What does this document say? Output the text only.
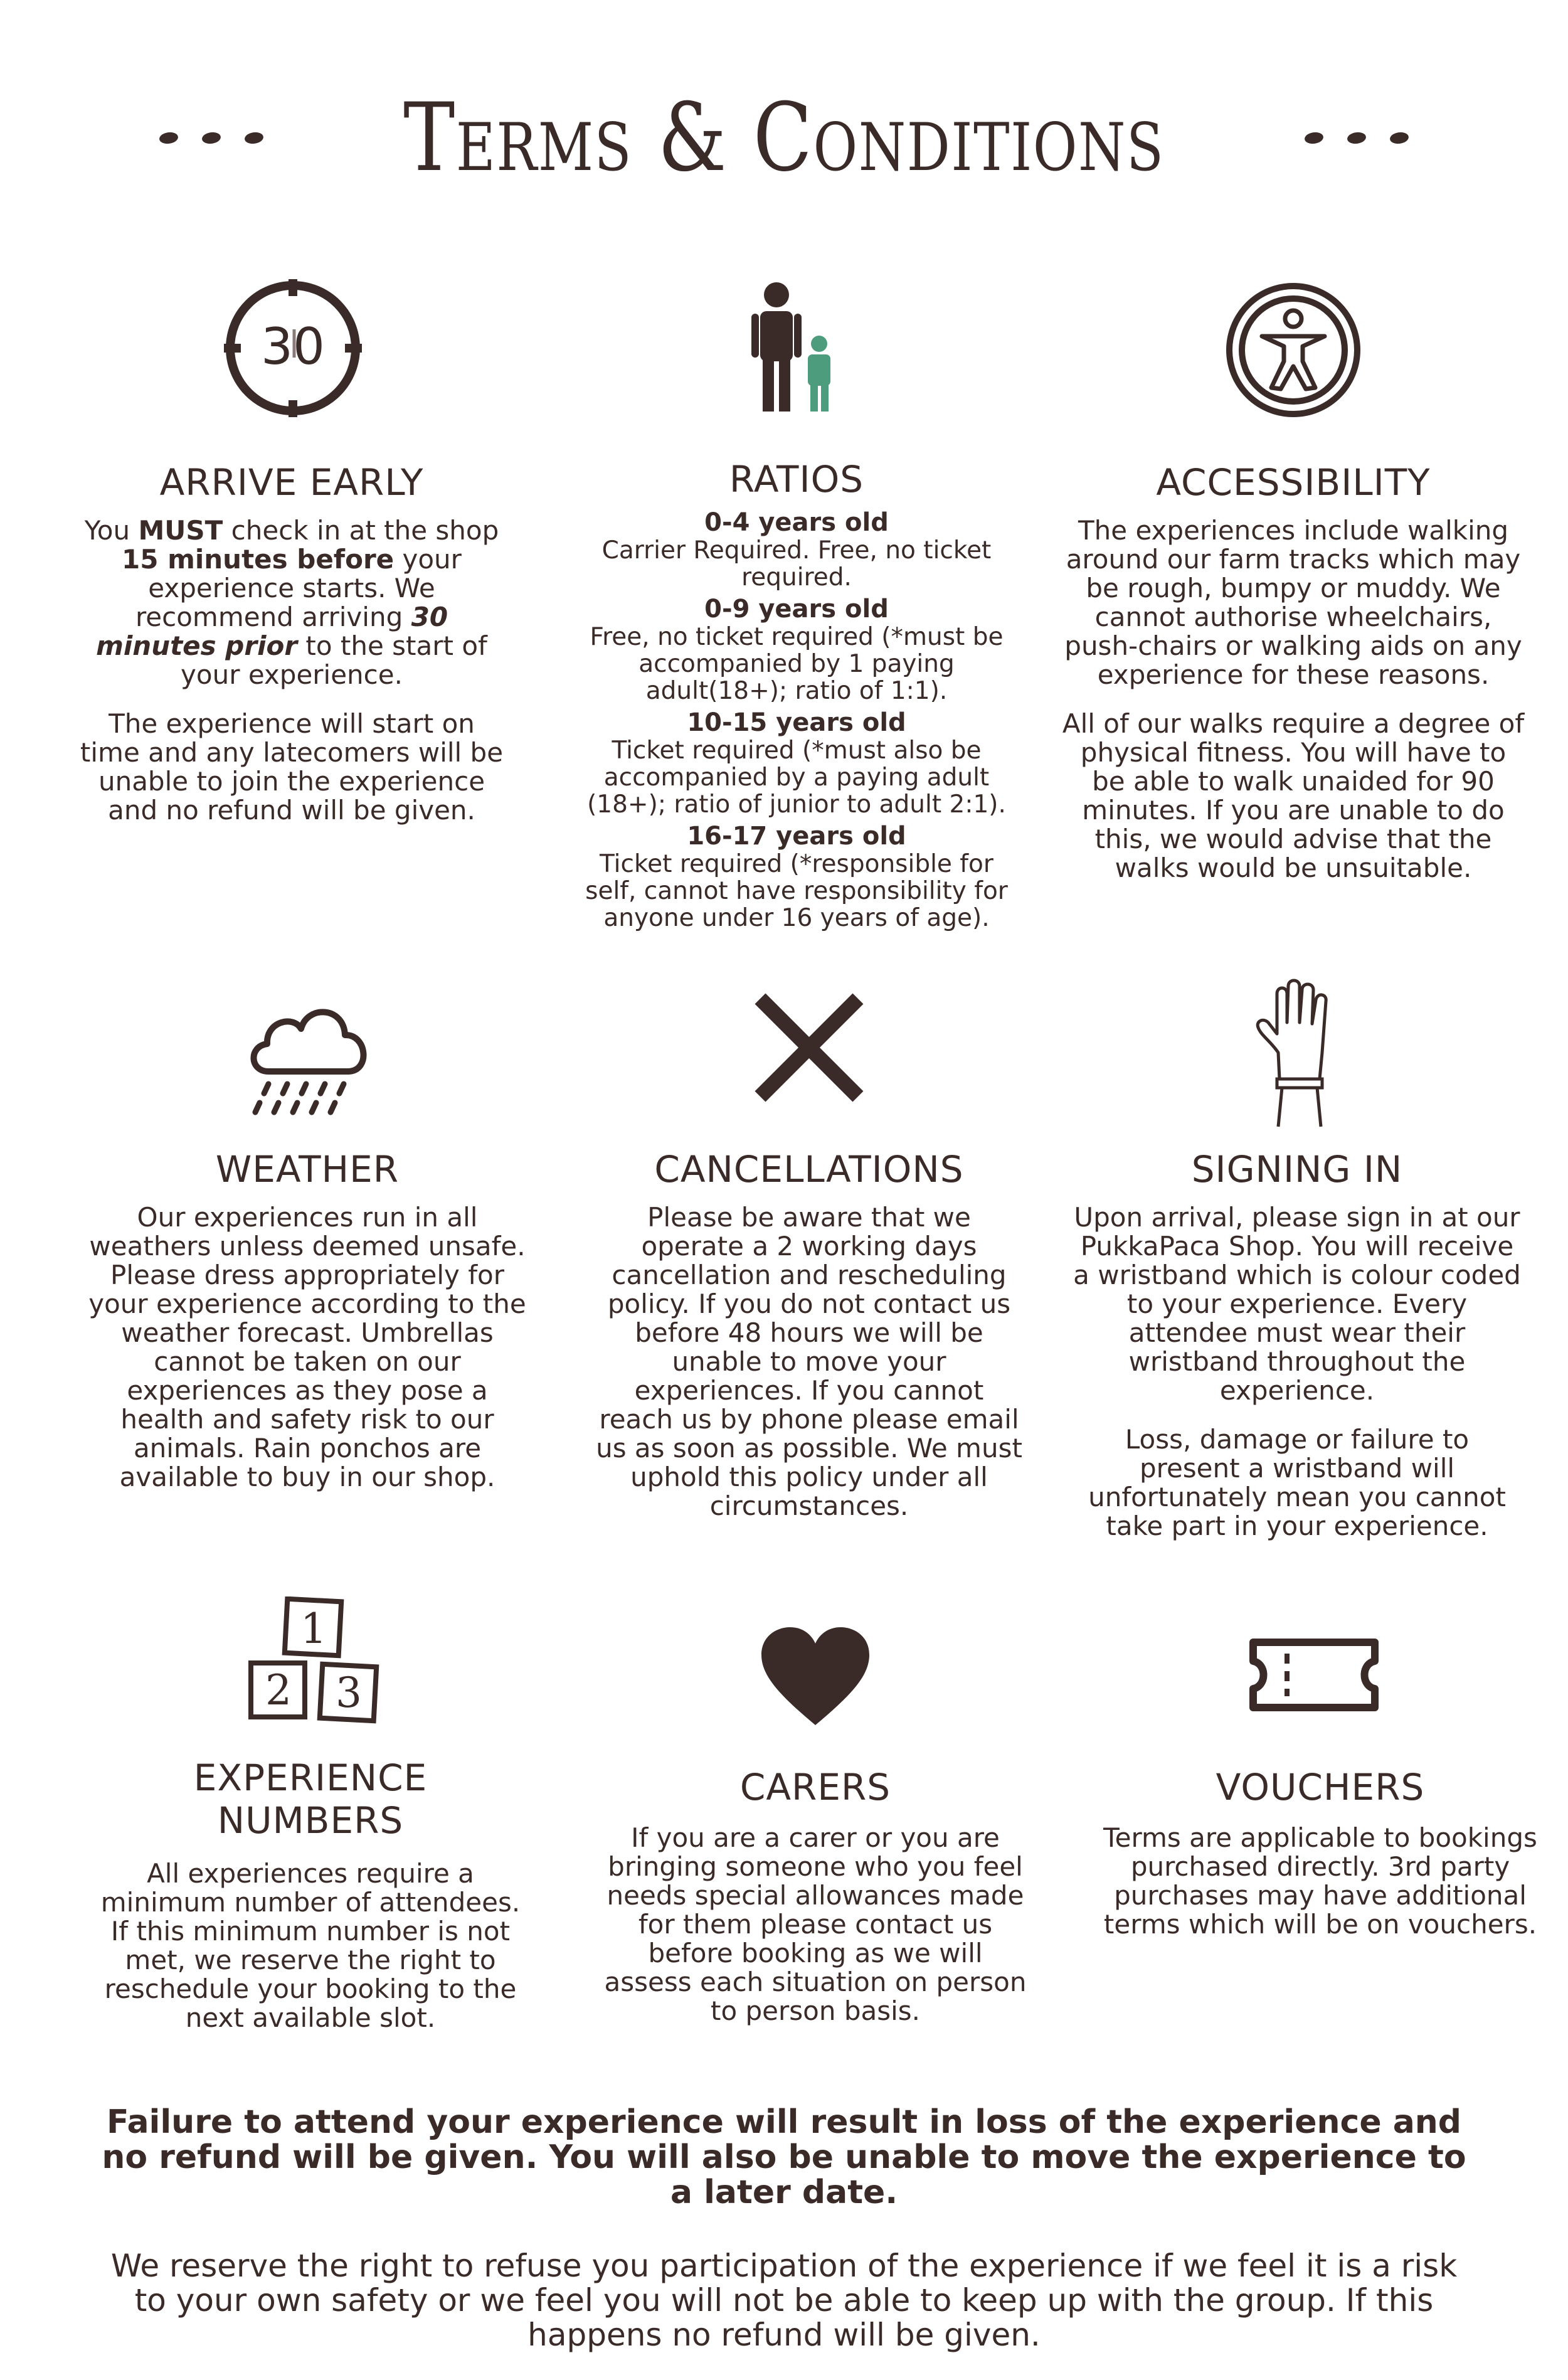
Terms & Conditions
30
ARRIVE EARLY

You MUST check in at the shop 15 minutes before your experience starts. We recommend arriving 30 minutes prior to the start of your experience.

The experience will start on time and any latecomers will be unable to join the experience and no refund will be given.

RATIOS
0-4 years old
Carrier Required. Free, no ticket required.
0-9 years old
Free, no ticket required (*must be accompanied by 1 paying adult(18+); ratio of 1:1).
10-15 years old
Ticket required (*must also be accompanied by a paying adult (18+); ratio of junior to adult 2:1).
16-17 years old
Ticket required (*responsible for self, cannot have responsibility for anyone under 16 years of age).
ACCESSIBILITY

The experiences include walking around our farm tracks which may be rough, bumpy or muddy. We cannot authorise wheelchairs, push-chairs or walking aids on any experience for these reasons.

All of our walks require a degree of physical fitness. You will have to be able to walk unaided for 90 minutes. If you are unable to do this, we would advise that the walks would be unsuitable.

WEATHER

Our experiences run in all weathers unless deemed unsafe. Please dress appropriately for your experience according to the weather forecast. Umbrellas cannot be taken on our experiences as they pose a health and safety risk to our animals. Rain ponchos are available to buy in our shop.

CANCELLATIONS

Please be aware that we operate a 2 working days cancellation and rescheduling policy. If you do not contact us before 48 hours we will be unable to move your experiences. If you cannot reach us by phone please email us as soon as possible. We must uphold this policy under all circumstances.

SIGNING IN

Upon arrival, please sign in at our PukkaPaca Shop. You will receive a wristband which is colour coded to your experience. Every attendee must wear their wristband throughout the experience.

Loss, damage or failure to present a wristband will unfortunately mean you cannot take part in your experience.

1
2 3
EXPERIENCE
NUMBERS

All experiences require a minimum number of attendees. If this minimum number is not met, we reserve the right to reschedule your booking to the next available slot.

CARERS

If you are a carer or you are bringing someone who you feel needs special allowances made for them please contact us before booking as we will assess each situation on person to person basis.

VOUCHERS

Terms are applicable to bookings purchased directly. 3rd party purchases may have additional terms which will be on vouchers.

Failure to attend your experience will result in loss of the experience and no refund will be given. You will also be unable to move the experience to a later date.
We reserve the right to refuse you participation of the experience if we feel it is a risk to your own safety or we feel you will not be able to keep up with the group. If this happens no refund will be given.
